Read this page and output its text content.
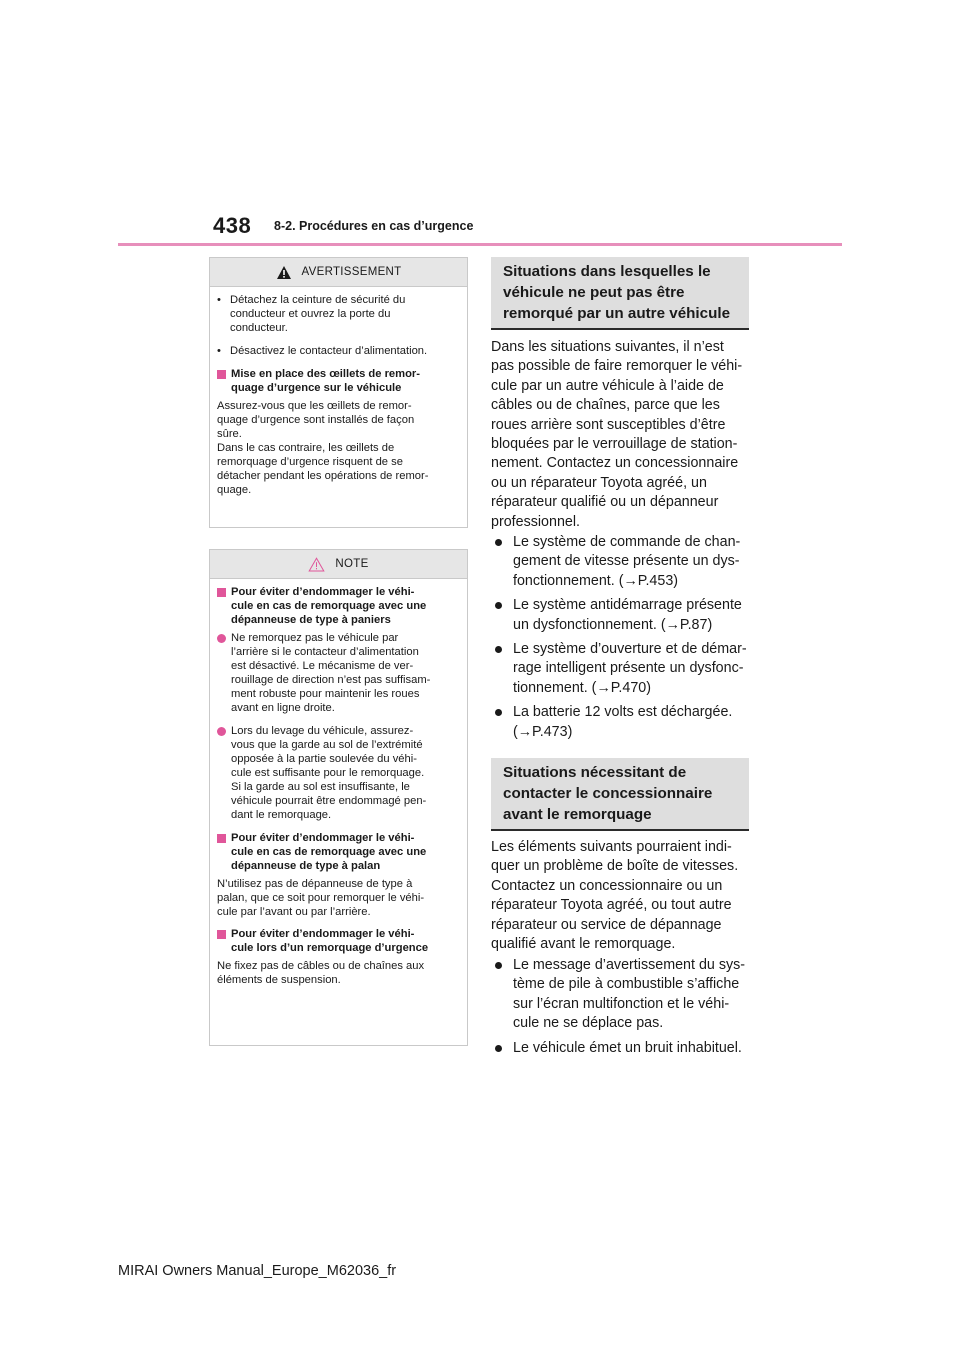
438 8-2. Procédures en cas d’urgence
AVERTISSEMENT
• Détachez la ceinture de sécurité du
conducteur et ouvrez la porte du
conducteur.
• Désactivez le contacteur d’alimentation.
Mise en place des œillets de remor-
quage d’urgence sur le véhicule
Assurez-vous que les œillets de remor-
quage d’urgence sont installés de façon
sûre.
Dans le cas contraire, les œillets de
remorquage d’urgence risquent de se
détacher pendant les opérations de remor-
quage.
NOTE
Pour éviter d’endommager le véhi-
cule en cas de remorquage avec une
dépanneuse de type à paniers
Ne remorquez pas le véhicule par
l’arrière si le contacteur d’alimentation
est désactivé. Le mécanisme de ver-
rouillage de direction n’est pas suffisam-
ment robuste pour maintenir les roues
avant en ligne droite.
Lors du levage du véhicule, assurez-
vous que la garde au sol de l’extrémité
opposée à la partie soulevée du véhi-
cule est suffisante pour le remorquage.
Si la garde au sol est insuffisante, le
véhicule pourrait être endommagé pen-
dant le remorquage.
Pour éviter d’endommager le véhi-
cule en cas de remorquage avec une
dépanneuse de type à palan
N’utilisez pas de dépanneuse de type à
palan, que ce soit pour remorquer le véhi-
cule par l’avant ou par l’arrière.
Pour éviter d’endommager le véhi-
cule lors d’un remorquage d’urgence
Ne fixez pas de câbles ou de chaînes aux
éléments de suspension.
Situations dans lesquelles le
véhicule ne peut pas être
remorqué par un autre véhicule
Dans les situations suivantes, il n’est
pas possible de faire remorquer le véhi-
cule par un autre véhicule à l’aide de
câbles ou de chaînes, parce que les
roues arrière sont susceptibles d’être
bloquées par le verrouillage de station-
nement. Contactez un concessionnaire
ou un réparateur Toyota agréé, un
réparateur qualifié ou un dépanneur
professionnel.
Le système de commande de chan-
gement de vitesse présente un dys-
fonctionnement. (→P.453)
Le système antidémarrage présente
un dysfonctionnement. (→P.87)
Le système d’ouverture et de démar-
rage intelligent présente un dysfonc-
tionnement. (→P.470)
La batterie 12 volts est déchargée.
(→P.473)
Situations nécessitant de
contacter le concessionnaire
avant le remorquage
Les éléments suivants pourraient indi-
quer un problème de boîte de vitesses.
Contactez un concessionnaire ou un
réparateur Toyota agréé, ou tout autre
réparateur ou service de dépannage
qualifié avant le remorquage.
Le message d’avertissement du sys-
tème de pile à combustible s’affiche
sur l’écran multifonction et le véhi-
cule ne se déplace pas.
Le véhicule émet un bruit inhabituel.
MIRAI Owners Manual_Europe_M62036_fr
